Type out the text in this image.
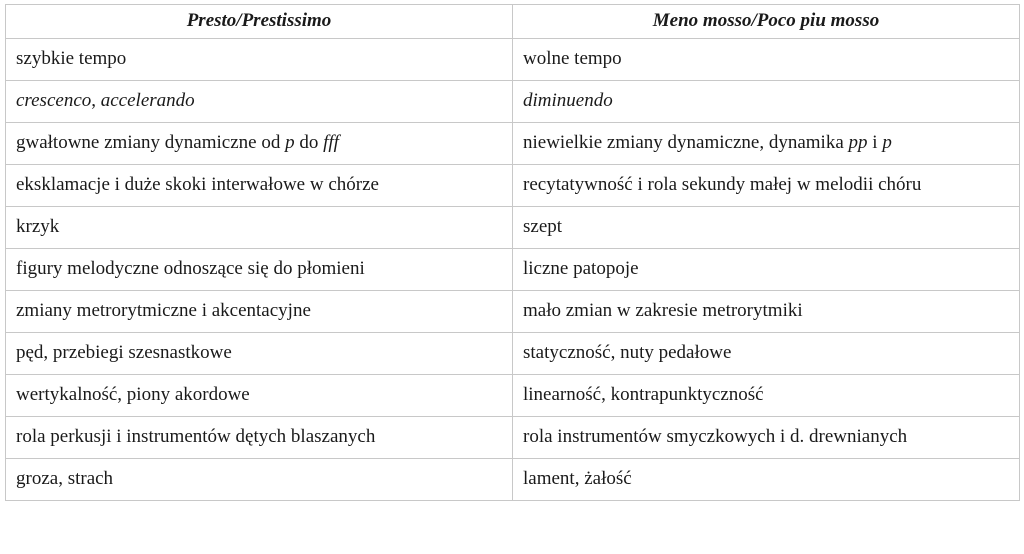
Presto/Prestissimo	Meno mosso/Poco piu mosso
szybkie tempo	wolne tempo
crescenco, accelerando	diminuendo
gwałtowne zmiany dynamiczne od p do fff	niewielkie zmiany dynamiczne, dynamika pp i p
eksklamacje i duże skoki interwałowe w chórze	recytatywność i rola sekundy małej w melodii chóru
krzyk	szept
figury melodyczne odnoszące się do płomieni	liczne patopoje
zmiany metrorytmiczne i akcentacyjne	mało zmian w zakresie metrorytmiki
pęd, przebiegi szesnastkowe	statyczność, nuty pedałowe
wertykalność, piony akordowe	linearność, kontrapunktyczność
rola perkusji i instrumentów dętych blaszanych	rola instrumentów smyczkowych i d. drewnianych
groza, strach	lament, żałość
